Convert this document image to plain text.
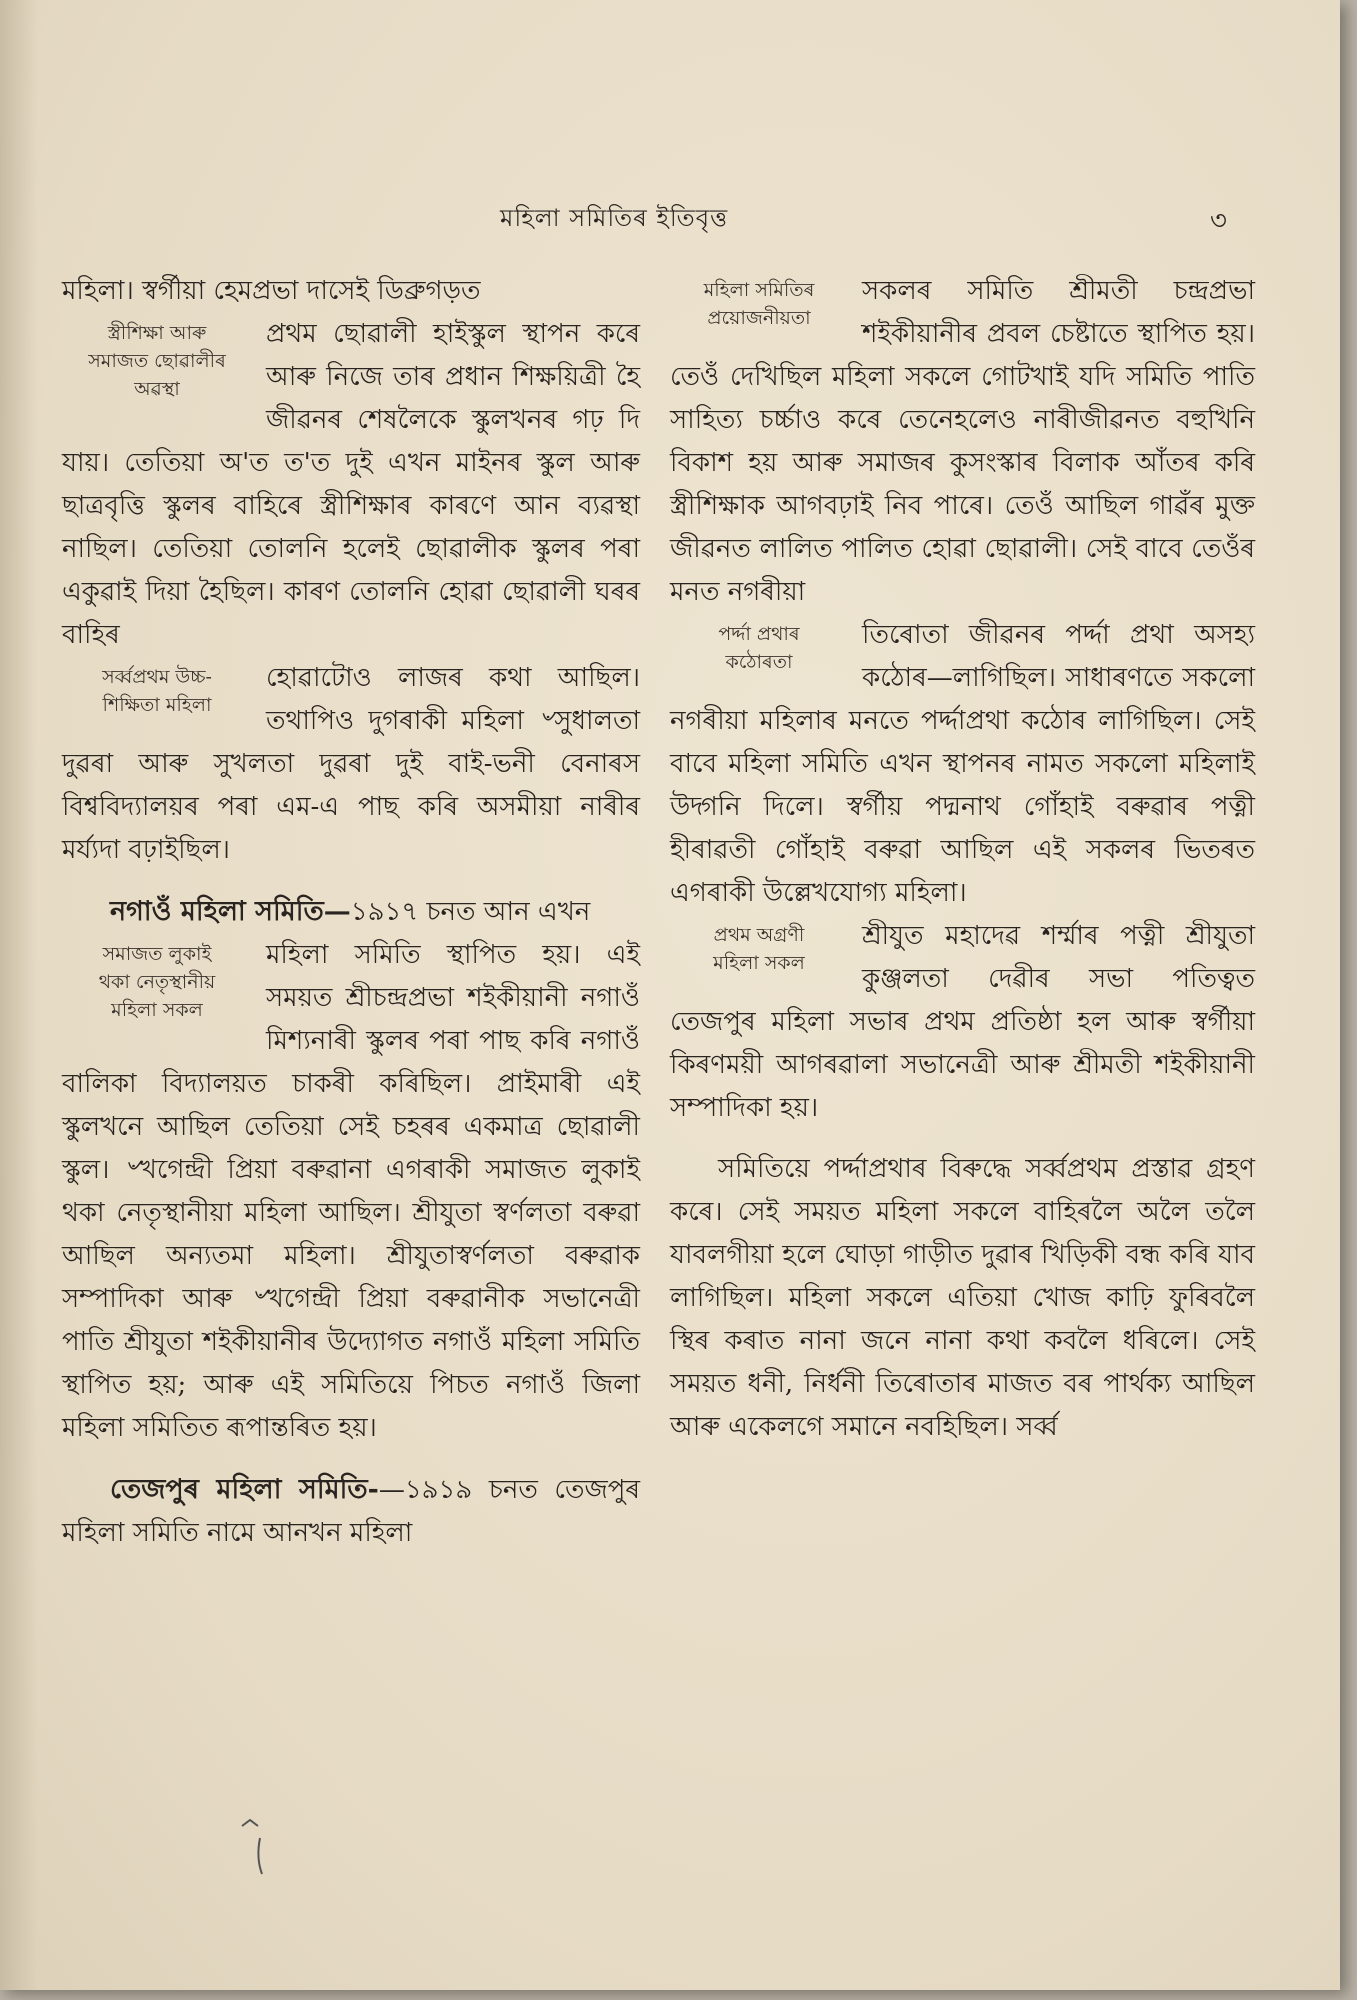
মহিলা সমিতিৰ ইতিবৃত্ত	৩

মহিলা। স্বৰ্গীয়া হেমপ্ৰভা দাসেই ডিব্ৰুগড়ত

স্ত্ৰীশিক্ষা আৰু
সমাজত ছোৱালীৰ
অৱস্থা

প্ৰথম ছোৱালী হাইস্কুল স্থাপন কৰে আৰু নিজে তাৰ প্ৰধান শিক্ষয়িত্ৰী হৈ জীৱনৰ শেষলৈকে স্কুলখনৰ গঢ় দি যায়। তেতিয়া অ'ত ত'ত দুই এখন মাইনৰ স্কুল আৰু ছাত্ৰবৃত্তি স্কুলৰ বাহিৰে স্ত্ৰীশিক্ষাৰ কাৰণে আন ব্যৱস্থা নাছিল। তেতিয়া তোলনি হলেই ছোৱালীক স্কুলৰ পৰা একুৱাই দিয়া হৈছিল। কাৰণ তোলনি হোৱা ছোৱালী ঘৰৰ বাহিৰ

সৰ্ব্বপ্ৰথম উচ্চ-
শিক্ষিতা মহিলা

হোৱাটোও লাজৰ কথা আছিল। তথাপিও দুগৰাকী মহিলা ৺সুধালতা দুৱৰা আৰু সুখলতা দুৱৰা দুই বাই-ভনী বেনাৰস বিশ্ববিদ্যালয়ৰ পৰা এম-এ পাছ কৰি অসমীয়া নাৰীৰ মৰ্য্যদা বঢ়াইছিল।

নগাওঁ মহিলা সমিতি—১৯১৭ চনত আন এখন
সমাজত লুকাই
থকা নেতৃস্থানীয়
মহিলা সকল

মহিলা সমিতি স্থাপিত হয়। এই সময়ত শ্ৰীচন্দ্ৰপ্ৰভা শইকীয়ানী নগাওঁ মিশ্যনাৰী স্কুলৰ পৰা পাছ কৰি নগাওঁ বালিকা বিদ্যালয়ত চাকৰী কৰিছিল। প্ৰাইমাৰী এই স্কুলখনে আছিল তেতিয়া সেই চহৰৰ একমাত্ৰ ছোৱালী স্কুল। ৺খগেন্দ্ৰী প্ৰিয়া বৰুৱানা এগৰাকী সমাজত লুকাই থকা নেতৃস্থানীয়া মহিলা আছিল। শ্ৰীযুতা স্বৰ্ণলতা বৰুৱা আছিল অন্যতমা মহিলা। শ্ৰীযুতাস্বৰ্ণলতা বৰুৱাক সম্পাদিকা আৰু ৺খগেন্দ্ৰী প্ৰিয়া বৰুৱানীক সভানেত্ৰী পাতি শ্ৰীযুতা শইকীয়ানীৰ উদ্যোগত নগাওঁ মহিলা সমিতি স্থাপিত হয়; আৰু এই সমিতিয়ে পিচত নগাওঁ জিলা মহিলা সমিতিত ৰূপান্তৰিত হয়।

তেজপুৰ মহিলা সমিতি-—১৯১৯ চনত তেজপুৰ মহিলা সমিতি নামে আনখন মহিলা
মহিলা সমিতিৰ
প্ৰয়োজনীয়তা

সকলৰ সমিতি শ্ৰীমতী চন্দ্ৰপ্ৰভা শইকীয়ানীৰ প্ৰবল চেষ্টাতে স্থাপিত হয়। তেওঁ দেখিছিল মহিলা সকলে গোটখাই যদি সমিতি পাতি সাহিত্য চৰ্চ্চাও কৰে তেনেহলেও নাৰীজীৱনত বহুখিনি বিকাশ হয় আৰু সমাজৰ কুসংস্কাৰ বিলাক আঁতৰ কৰি স্ত্ৰীশিক্ষাক আগবঢ়াই নিব পাৰে। তেওঁ আছিল গাৱঁৰ মুক্ত জীৱনত লালিত পালিত হোৱা ছোৱালী। সেই বাবে তেওঁৰ মনত নগৰীয়া

পৰ্দ্দা প্ৰথাৰ
কঠোৰতা

তিৰোতা জীৱনৰ পৰ্দ্দা প্ৰথা অসহ্য কঠোৰ—লাগিছিল। সাধাৰণতে সকলো নগৰীয়া মহিলাৰ মনতে পৰ্দ্দাপ্ৰথা কঠোৰ লাগিছিল। সেই বাবে মহিলা সমিতি এখন স্থাপনৰ নামত সকলো মহিলাই উদ্গনি দিলে। স্বৰ্গীয় পদ্মনাথ গোঁহাই বৰুৱাৰ পত্নী হীৰাৱতী গোঁহাই বৰুৱা আছিল এই সকলৰ ভিতৰত এগৰাকী উল্লেখযোগ্য মহিলা।

প্ৰথম অগ্ৰণী
মহিলা সকল

শ্ৰীযুত মহাদেৱ শৰ্ম্মাৰ পত্নী শ্ৰীযুতা কুঞ্জলতা দেৱীৰ সভা পতিত্বত তেজপুৰ মহিলা সভাৰ প্ৰথম প্ৰতিষ্ঠা হল আৰু স্বৰ্গীয়া কিৰণময়ী আগৰৱালা সভানেত্ৰী আৰু শ্ৰীমতী শইকীয়ানী সম্পাদিকা হয়।

সমিতিয়ে পৰ্দ্দাপ্ৰথাৰ বিৰুদ্ধে সৰ্ব্বপ্ৰথম প্ৰস্তাৱ গ্ৰহণ কৰে। সেই সময়ত মহিলা সকলে বাহিৰলৈ অলৈ তলৈ যাবলগীয়া হলে ঘোড়া গাড়ীত দুৱাৰ খিড়িকী বন্ধ কৰি যাব লাগিছিল। মহিলা সকলে এতিয়া খোজ কাঢ়ি ফুৰিবলৈ স্থিৰ কৰাত নানা জনে নানা কথা কবলৈ ধৰিলে। সেই সময়ত ধনী, নিৰ্ধনী তিৰোতাৰ মাজত বৰ পাৰ্থক্য আছিল আৰু একেলগে সমানে নবহিছিল। সৰ্ব্ব
